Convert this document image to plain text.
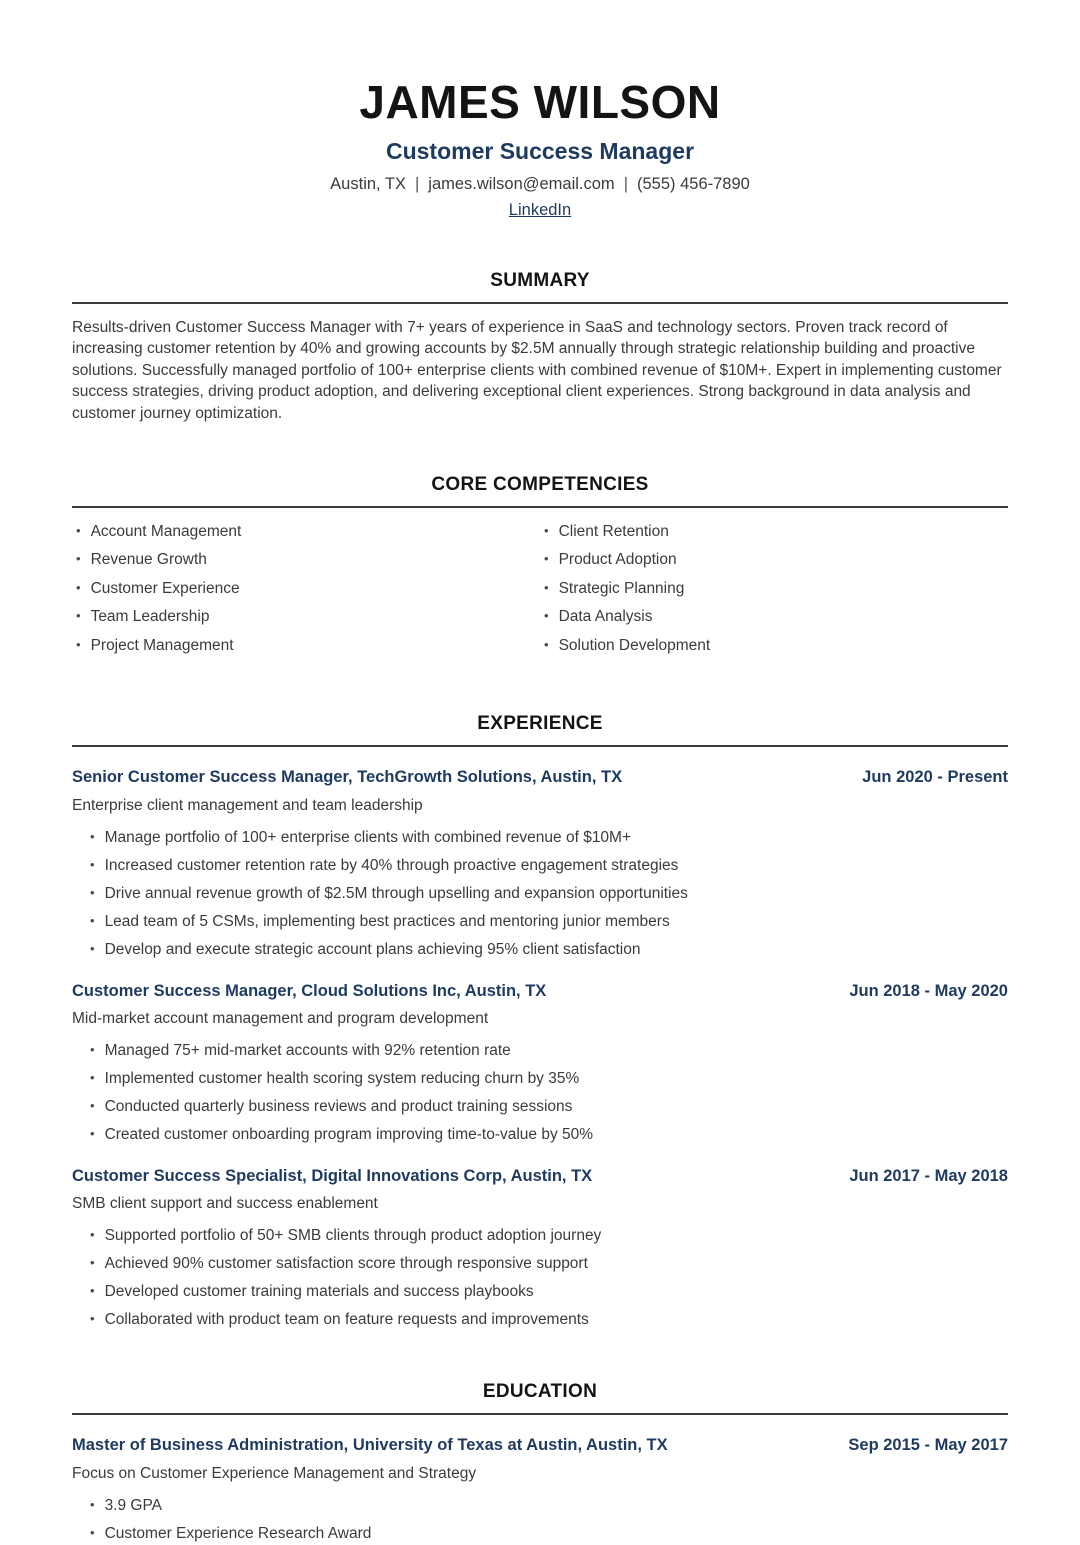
JAMES WILSON
Customer Success Manager
Austin, TX | james.wilson@email.com | (555) 456-7890
LinkedIn
SUMMARY

Results-driven Customer Success Manager with 7+ years of experience in SaaS and technology sectors. Proven track record of increasing customer retention by 40% and growing accounts by $2.5M annually through strategic relationship building and proactive solutions. Successfully managed portfolio of 100+ enterprise clients with combined revenue of $10M+. Expert in implementing customer success strategies, driving product adoption, and delivering exceptional client experiences. Strong background in data analysis and customer journey optimization.

CORE COMPETENCIES
• Account Management
• Revenue Growth
• Customer Experience
• Team Leadership
• Project Management
• Client Retention
• Product Adoption
• Strategic Planning
• Data Analysis
• Solution Development
EXPERIENCE
Senior Customer Success Manager, TechGrowth Solutions, Austin, TX	Jun 2020 - Present

Enterprise client management and team leadership

• Manage portfolio of 100+ enterprise clients with combined revenue of $10M+
• Increased customer retention rate by 40% through proactive engagement strategies
• Drive annual revenue growth of $2.5M through upselling and expansion opportunities
• Lead team of 5 CSMs, implementing best practices and mentoring junior members
• Develop and execute strategic account plans achieving 95% client satisfaction
Customer Success Manager, Cloud Solutions Inc, Austin, TX	Jun 2018 - May 2020

Mid-market account management and program development

• Managed 75+ mid-market accounts with 92% retention rate
• Implemented customer health scoring system reducing churn by 35%
• Conducted quarterly business reviews and product training sessions
• Created customer onboarding program improving time-to-value by 50%
Customer Success Specialist, Digital Innovations Corp, Austin, TX	Jun 2017 - May 2018

SMB client support and success enablement

• Supported portfolio of 50+ SMB clients through product adoption journey
• Achieved 90% customer satisfaction score through responsive support
• Developed customer training materials and success playbooks
• Collaborated with product team on feature requests and improvements
EDUCATION
Master of Business Administration, University of Texas at Austin, Austin, TX	Sep 2015 - May 2017

Focus on Customer Experience Management and Strategy

• 3.9 GPA
• Customer Experience Research Award
